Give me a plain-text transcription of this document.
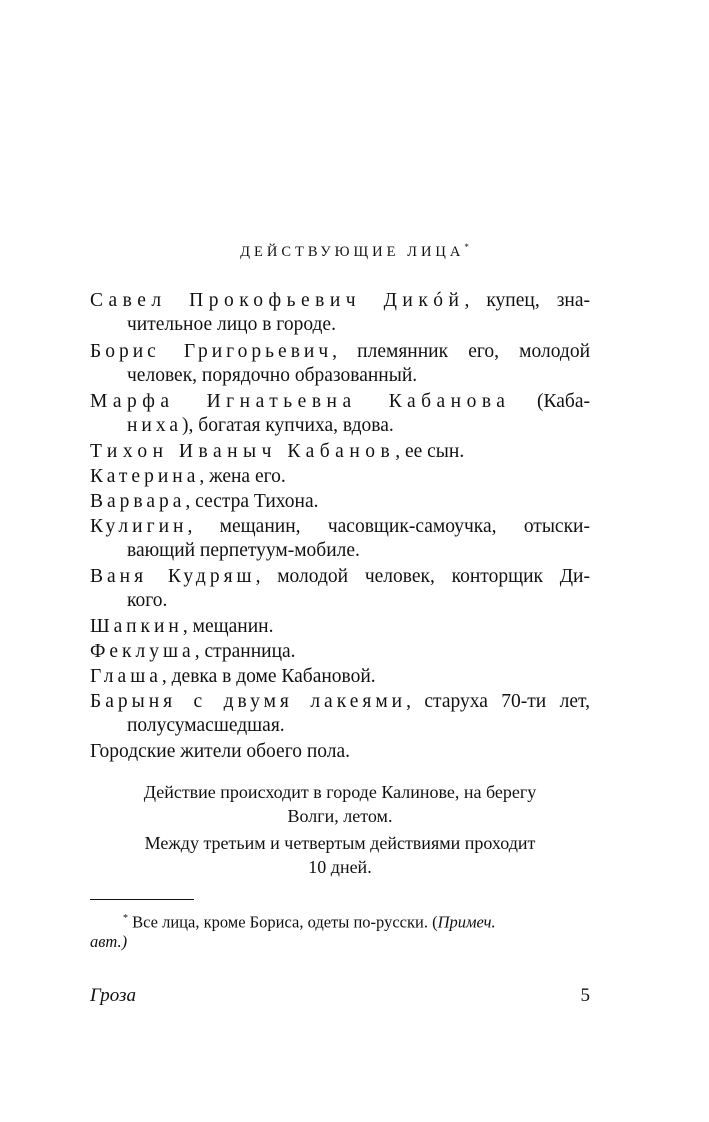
ДЕЙСТВУЮЩИЕ ЛИЦА*
Савел Прокофьевич Дикóй, купец, зна-
чительное лицо в городе.
Борис Григорьевич, племянник его, молодой
человек, порядочно образованный.
Марфа Игнатьевна Кабанова (Каба-
ниха), богатая купчиха, вдова.
Тихон Иваныч Кабанов, ее сын.
Катерина, жена его.
Варвара, сестра Тихона.
Кулигин, мещанин, часовщик-самоучка, отыски-
вающий перпетуум-мобиле.
Ваня Кудряш, молодой человек, конторщик Ди-
кого.
Шапкин, мещанин.
Феклуша, странница.
Глаша, девка в доме Кабановой.
Барыня с двумя лакеями, старуха 70-ти лет,
полусумасшедшая.
Городские жители обоего пола.
Действие происходит в городе Калинове, на берегу
Волги, летом.
Между третьим и четвертым действиями проходит
10 дней.
* Все лица, кроме Бориса, одеты по-русски. (Примеч.
авт.)
Гроза	5
